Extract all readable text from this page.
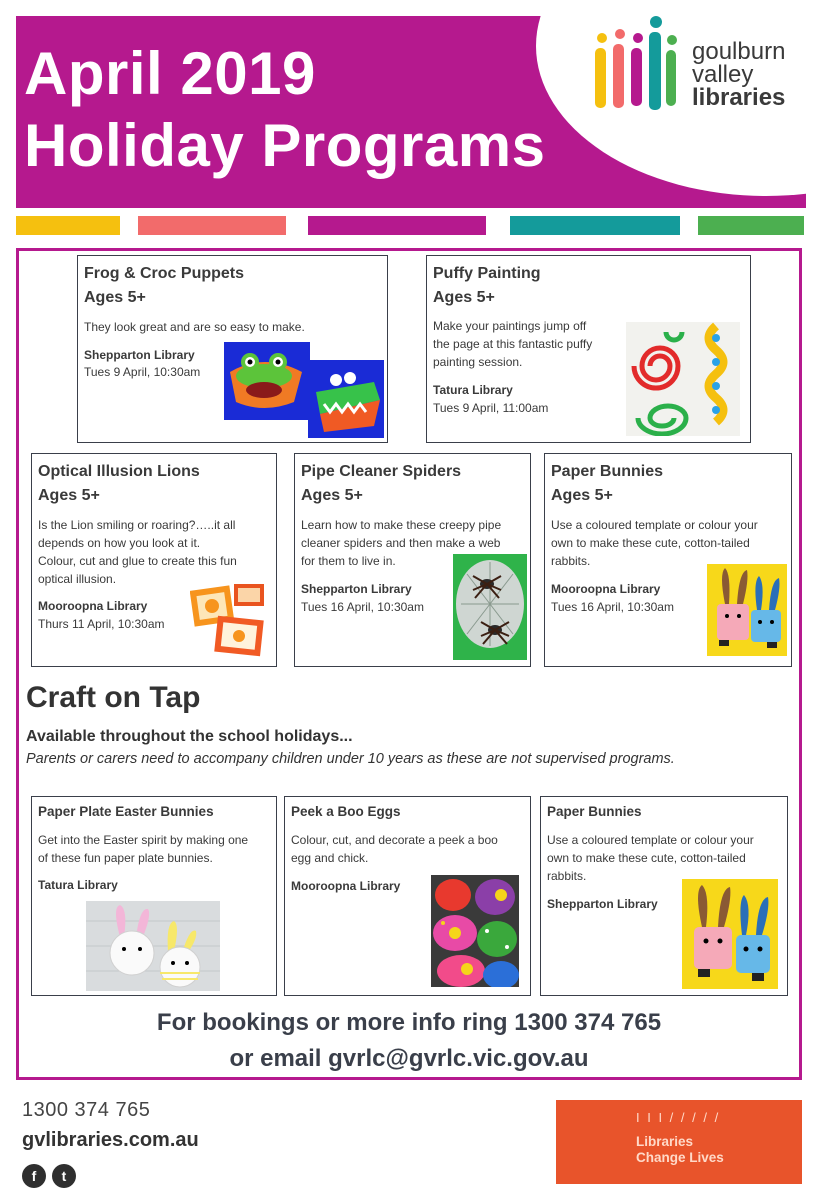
April 2019
Holiday Programs
goulburn
valley
libraries
Frog & Croc Puppets
Ages 5+
They look great and are so easy to make.
Shepparton Library
Tues 9 April, 10:30am
Puffy Painting
Ages 5+
Make your paintings jump off
the page at this fantastic puffy
painting session.
Tatura Library
Tues 9 April, 11:00am
Optical Illusion Lions
Ages 5+
Is the Lion smiling or roaring?…..it all
depends on how you look at it.
Colour, cut and glue to create this fun
optical illusion.
Mooroopna Library
Thurs 11 April, 10:30am
Pipe Cleaner Spiders
Ages 5+
Learn how to make these creepy pipe
cleaner spiders and then make a web
for them to live in.
Shepparton Library
Tues 16 April, 10:30am
Paper Bunnies
Ages 5+
Use a coloured template or colour your
own to make these cute, cotton-tailed
rabbits.
Mooroopna Library
Tues 16 April, 10:30am
Craft on Tap
Available throughout the school holidays...
Parents or carers need to accompany children under 10 years as these are not supervised programs.
Paper Plate Easter Bunnies
Get into the Easter spirit by making one
of these fun paper plate bunnies.
Tatura Library
Peek a Boo Eggs
Colour, cut, and decorate a peek a boo
egg and chick.
Mooroopna Library
Paper Bunnies
Use a coloured template or colour your
own to make these cute, cotton-tailed
rabbits.
Shepparton Library
For bookings or more info ring 1300 374 765
or email gvrlc@gvrlc.vic.gov.au
1300 374 765
gvlibraries.com.au
f	t
I I I / / / / /
Libraries
Change Lives
